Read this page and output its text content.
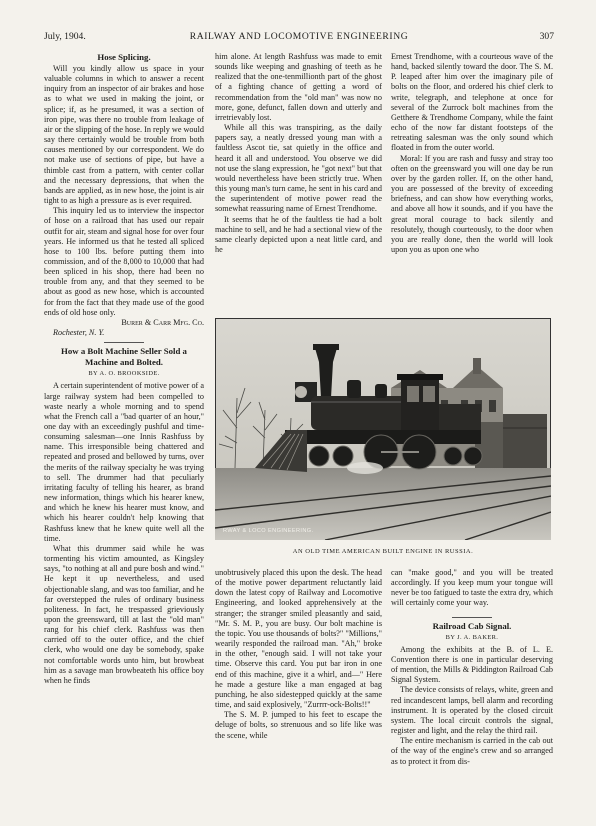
July, 1904.	RAILWAY AND LOCOMOTIVE ENGINEERING	307
Hose Splicing.

Will you kindly allow us space in your valuable columns in which to answer a recent inquiry from an inspector of air brakes and hose as to what we used in making the joint, or splice; if, as he presumed, it was a section of iron pipe, was there no trouble from leakage of air or the slipping of the hose. In reply we would say there certainly would be trouble from both causes mentioned by our correspondent. We do not make use of sections of pipe, but have a thimble cast from a pattern, with center collar and the necessary depressions, that when the bands are applied, as in new hose, the joint is air tight to as high a pressure as is ever required.

This inquiry led us to interview the inspector of hose on a railroad that has used our repair outfit for air, steam and signal hose for over four years. He informed us that he tested all spliced hose to 100 lbs. before putting them into commission, and of the 8,000 to 10,000 that had been spliced in his shop, there had been no trouble from any, and that they seemed to be about as good as new hose, which is accounted for from the fact that they made use of the good ends of old hose only.

Burer & Carr Mfg. Co.

Rochester, N. Y.

How a Bolt Machine Seller Sold a Machine and Bolted.
BY A. O. BROOKSIDE.

A certain superintendent of motive power of a large railway system had been compelled to waste nearly a whole morning and to spend what the French call a "bad quarter of an hour," one day with an exceedingly pushful and time-consuming salesman—one Innis Rashfuss by name. This irresponsible being chattered and repeated and prosed and bellowed by turns, over the merits of the railway specialty he was trying to sell. The drummer had that peculiarly irritating faculty of telling his hearer, as brand new information, things which his hearer knew, and which he knew his hearer must know, and which his hearer couldn't help knowing that Rashfuss knew that he knew quite well all the time.

What this drummer said while he was tormenting his victim amounted, as Kingsley says, "to nothing at all and pure bosh and wind." He kept it up nevertheless, and used objectionable slang, and was too familiar, and he far overstepped the rules of ordinary business politeness. In fact, he trespassed grieviously upon the greensward, till at last the "old man" rang for his chief clerk. Rashfuss was then carried off to the outer office, and the chief clerk, who would one day be somebody, spake not comfortable words unto him, but browbeat him as a savage man browbeateth his office boy when he finds

him alone. At length Rashfuss was made to emit sounds like weeping and gnashing of teeth as he realized that the one-tenmillionth part of the ghost of a fighting chance of getting a word of recommendation from the "old man" was now no more, gone, defunct, fallen down and utterly and irretrievably lost.

While all this was transpiring, as the daily papers say, a neatly dressed young man with a faultless Ascot tie, sat quietly in the office and heard it all and understood. You observe we did not use the slang expression, he "got next" but that would nevertheless have been strictly true. When this young man's turn came, he sent in his card and the superintendent of motive power read the somewhat reassuring name of Ernest Trendhome.

It seems that he of the faultless tie had a bolt machine to sell, and he had a sectional view of the same clearly depicted upon a neat little card, and he

Ernest Trendhome, with a courteous wave of the hand, backed silently toward the door. The S. M. P. leaped after him over the imaginary pile of bolts on the floor, and ordered his chief clerk to write, telegraph, and telephone at once for several of the Zurrock bolt machines from the Getthere & Trendhome Company, while the faint echo of the now far distant footsteps of the retreating salesman was the only sound which floated in from the outer world.

Moral: If you are rash and fussy and stray too often on the greensward you will one day be run over by the garden roller. If, on the other hand, you are possessed of the brevity of exceeding briefness, and can show how everything works, and above all how it sounds, and if you have the great moral courage to back silently and resolutely, though courteously, to the door when you are really done, then the world will look upon you as upon one who

RWAY & LOCO ENGINEERING.
AN OLD TIME AMERICAN BUILT ENGINE IN RUSSIA.

unobtrusively placed this upon the desk. The head of the motive power department reluctantly laid down the latest copy of Railway and Locomotive Engineering, and looked apprehensively at the stranger; the stranger smiled pleasantly and said, "Mr. S. M. P., you are busy. Our bolt machine is the topic. You use thousands of bolts?" "Millions," wearily responded the railroad man. "Ah," broke in the other, "enough said. I will not take your time. Observe this card. You put bar iron in one end of this machine, give it a whirl, and—" Here he made a gesture like a man engaged at bag punching, he also sidestepped quickly at the same time, and said explosively, "Zurrrr-ock-Bolts!!"

The S. M. P. jumped to his feet to escape the deluge of bolts, so strenuous and so life like was the scene, while

can "make good," and you will be treated accordingly. If you keep mum your tongue will never be too fatigued to taste the extra dry, which will certainly come your way.

Railroad Cab Signal.
BY J. A. BAKER.

Among the exhibits at the B. of L. E. Convention there is one in particular deserving of mention, the Mills & Piddington Railroad Cab Signal System.

The device consists of relays, white, green and red incandescent lamps, bell alarm and recording instrument. It is operated by the closed circuit system. The local circuit controls the signal, register and light, and the relay the third rail.

The entire mechanism is carried in the cab out of the way of the engine's crew and so arranged as to protect it from dis-
